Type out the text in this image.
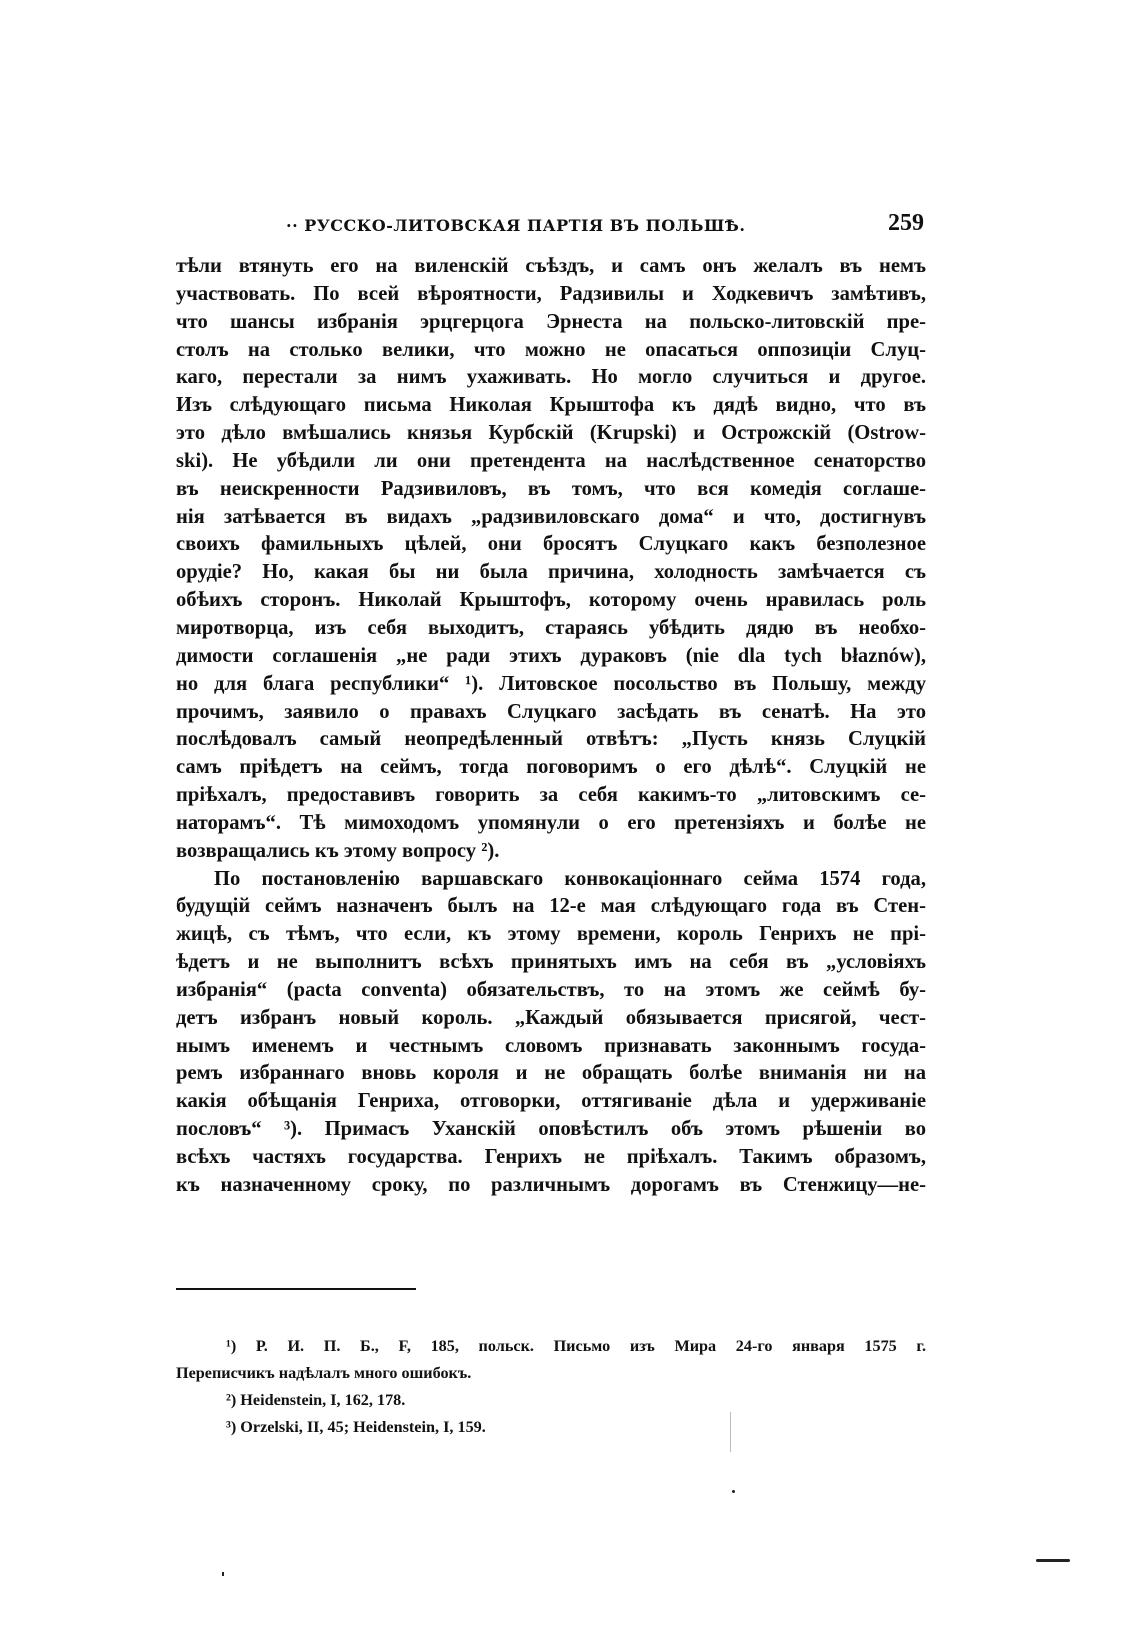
·· РУССКО-ЛИТОВСКАЯ ПАРТІЯ ВЪ ПОЛЬШѢ.	259
тѣли втянуть его на виленскій съѣздъ, и самъ онъ желалъ въ немъ
участвовать. По всей вѣроятности, Радзивилы и Ходкевичъ замѣтивъ,
что шансы избранія эрцгерцога Эрнеста на польско-литовскій пре-
столъ на столько велики, что можно не опасаться оппозиціи Слуц-
каго, перестали за нимъ ухаживать. Но могло случиться и другое.
Изъ слѣдующаго письма Николая Крыштофа къ дядѣ видно, что въ
это дѣло вмѣшались князья Курбскій (Krupski) и Острожскій (Ostrow-
ski). Не убѣдили ли они претендента на наслѣдственное сенаторство
въ неискренности Радзивиловъ, въ томъ, что вся комедія соглаше-
нія затѣвается въ видахъ „радзивиловскаго дома“ и что, достигнувъ
своихъ фамильныхъ цѣлей, они бросятъ Слуцкаго какъ безполезное
орудіе? Но, какая бы ни была причина, холодность замѣчается съ
обѣихъ сторонъ. Николай Крыштофъ, которому очень нравилась роль
миротворца, изъ себя выходитъ, стараясь убѣдить дядю въ необхо-
димости соглашенія „не ради этихъ дураковъ (nie dla tych błaznów),
но для блага республики“ ¹). Литовское посольство въ Польшу, между
прочимъ, заявило о правахъ Слуцкаго засѣдать въ сенатѣ. На это
послѣдовалъ самый неопредѣленный отвѣтъ: „Пусть князь Слуцкій
самъ пріѣдетъ на сеймъ, тогда поговоримъ о его дѣлѣ“. Слуцкій не
пріѣхалъ, предоставивъ говорить за себя какимъ-то „литовскимъ се-
наторамъ“. Тѣ мимоходомъ упомянули о его претензіяхъ и болѣе не
возвращались къ этому вопросу ²).
По постановленію варшавскаго конвокаціоннаго сейма 1574 года,
будущій сеймъ назначенъ былъ на 12-е мая слѣдующаго года въ Стен-
жицѣ, съ тѣмъ, что если, къ этому времени, король Генрихъ не прі-
ѣдетъ и не выполнитъ всѣхъ принятыхъ имъ на себя въ „условіяхъ
избранія“ (pacta conventa) обязательствъ, то на этомъ же сеймѣ бу-
детъ избранъ новый король. „Каждый обязывается присягой, чест-
нымъ именемъ и честнымъ словомъ признавать законнымъ госуда-
ремъ избраннаго вновь короля и не обращать болѣе вниманія ни на
какія обѣщанія Генриха, отговорки, оттягиваніе дѣла и удерживаніе
пословъ“ ³). Примасъ Уханскій оповѣстилъ объ этомъ рѣшеніи во
всѣхъ частяхъ государства. Генрихъ не пріѣхалъ. Такимъ образомъ,
къ назначенному сроку, по различнымъ дорогамъ въ Стенжицу—не-
¹) Р. И. П. Б., F, 185, польск. Письмо изъ Мира 24-го января 1575 г.
Переписчикъ надѣлалъ много ошибокъ.
²) Heidenstein, I, 162, 178.
³) Orzelski, II, 45; Heidenstein, I, 159.
